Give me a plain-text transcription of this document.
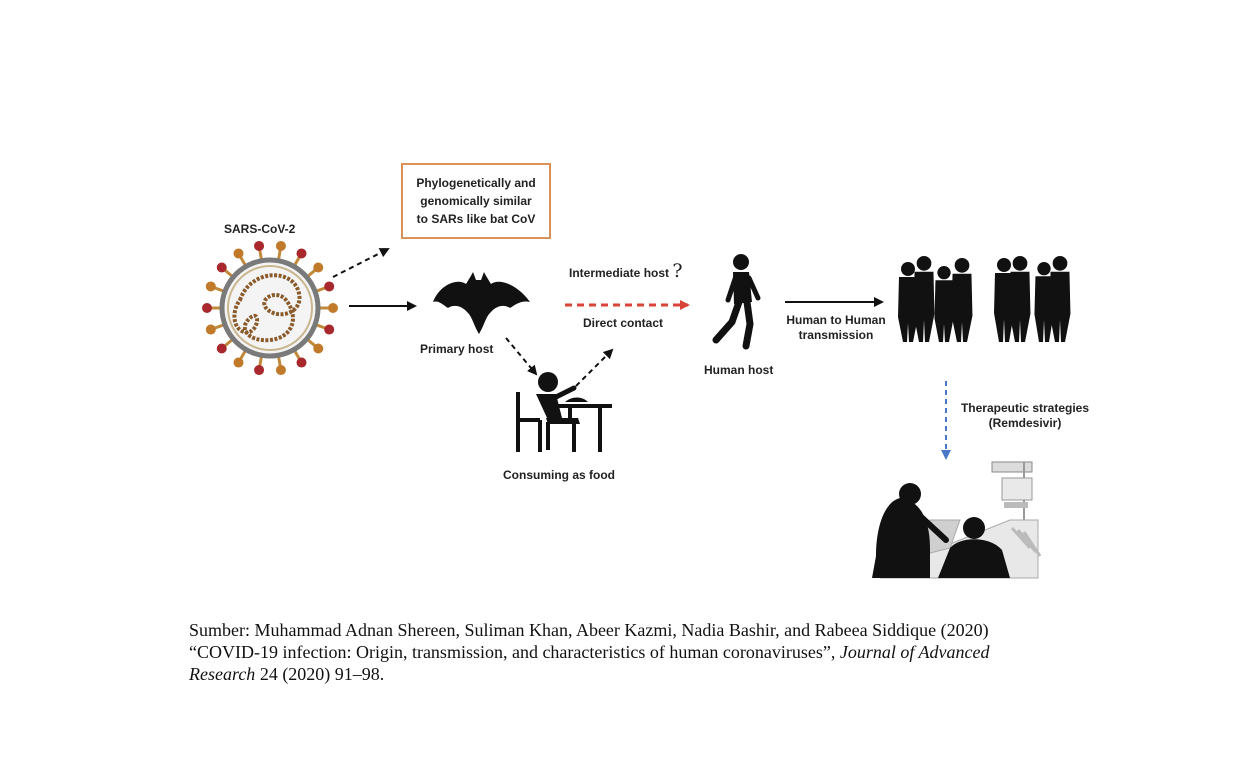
SARS-CoV-2
Phylogenetically and
genomically similar
to SARs like bat CoV
Primary host
Intermediate host ?
Direct contact
Consuming as food
Human host
Human to Human
transmission
Therapeutic strategies
(Remdesivir)
Sumber: Muhammad Adnan Shereen, Suliman Khan, Abeer Kazmi, Nadia Bashir, and Rabeea Siddique (2020) “COVID-19 infection: Origin, transmission, and characteristics of human coronaviruses”, Journal of Advanced Research 24 (2020) 91–98.
